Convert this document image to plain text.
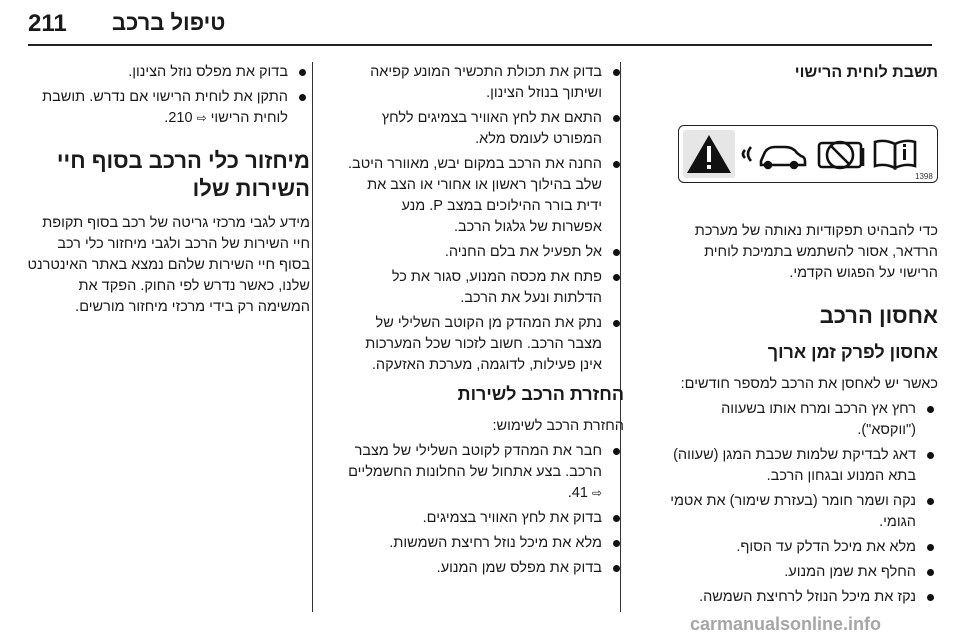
211 טיפול ברכב
תשבת לוחית הרישוי
1398

כדי להבהיט תפקודיות נאותה של מערכת הרדאר, אסור להשתמש בתמיכת לוחית הרישוי על הפגוש הקדמי.

אחסון הרכב
אחסון לפרק זמן ארוך

כאשר יש לאחסן את הרכב למספר חודשים:

רחץ אץ הרכב ומרח אותו בשעווה ("ווקסא").
דאג לבדיקת שלמות שכבת המגן (שעווה) בתא המנוע ובגחון הרכב.
נקה ושמר חומר (בעזרת שימור) את אטמי הגומי.
מלא את מיכל הדלק עד הסוף.
החלף את שמן המנוע.
נקז את מיכל הנוזל לרחיצת השמשה.
בדוק את תכולת התכשיר המונע קפיאה ושיתוך בנוזל הצינון.
התאם את לחץ האוויר בצמיגים ללחץ המפורט לעומס מלא.
החנה את הרכב במקום יבש, מאוורר היטב. שלב בהילוך ראשון או אחורי או הצב את ידית בורר ההילוכים במצב P. מנע אפשרות של גלגול הרכב.
אל תפעיל את בלם החניה.
פתח את מכסה המנוע, סגור את כל הדלתות ונעל את הרכב.
נתק את המהדק מן הקוטב השלילי של מצבר הרכב. חשוב לזכור שכל המערכות אינן פעילות, לדוגמה, מערכת האזעקה.
החזרת הרכב לשירות

החזרת הרכב לשימוש:

חבר את המהדק לקוטב השלילי של מצבר הרכב. בצע אתחול של החלונות החשמליים ⇨ 41.
בדוק את לחץ האוויר בצמיגים.
מלא את מיכל נוזל רחיצת השמשות.
בדוק את מפלס שמן המנוע.
בדוק את מפלס נוזל הצינון.
התקן את לוחית הרישוי אם נדרש. תושבת לוחית הרישוי ⇨ 210.
מיחזור כלי הרכב בסוף חיי השירות שלו

מידע לגבי מרכזי גריטה של רכב בסוף תקופת חיי השירות של הרכב ולגבי מיחזור כלי רכב בסוף חיי השירות שלהם נמצא באתר האינטרנט שלנו, כאשר נדרש לפי החוק. הפקד את המשימה רק בידי מרכזי מיחזור מורשים.

carmanualsonline.info
